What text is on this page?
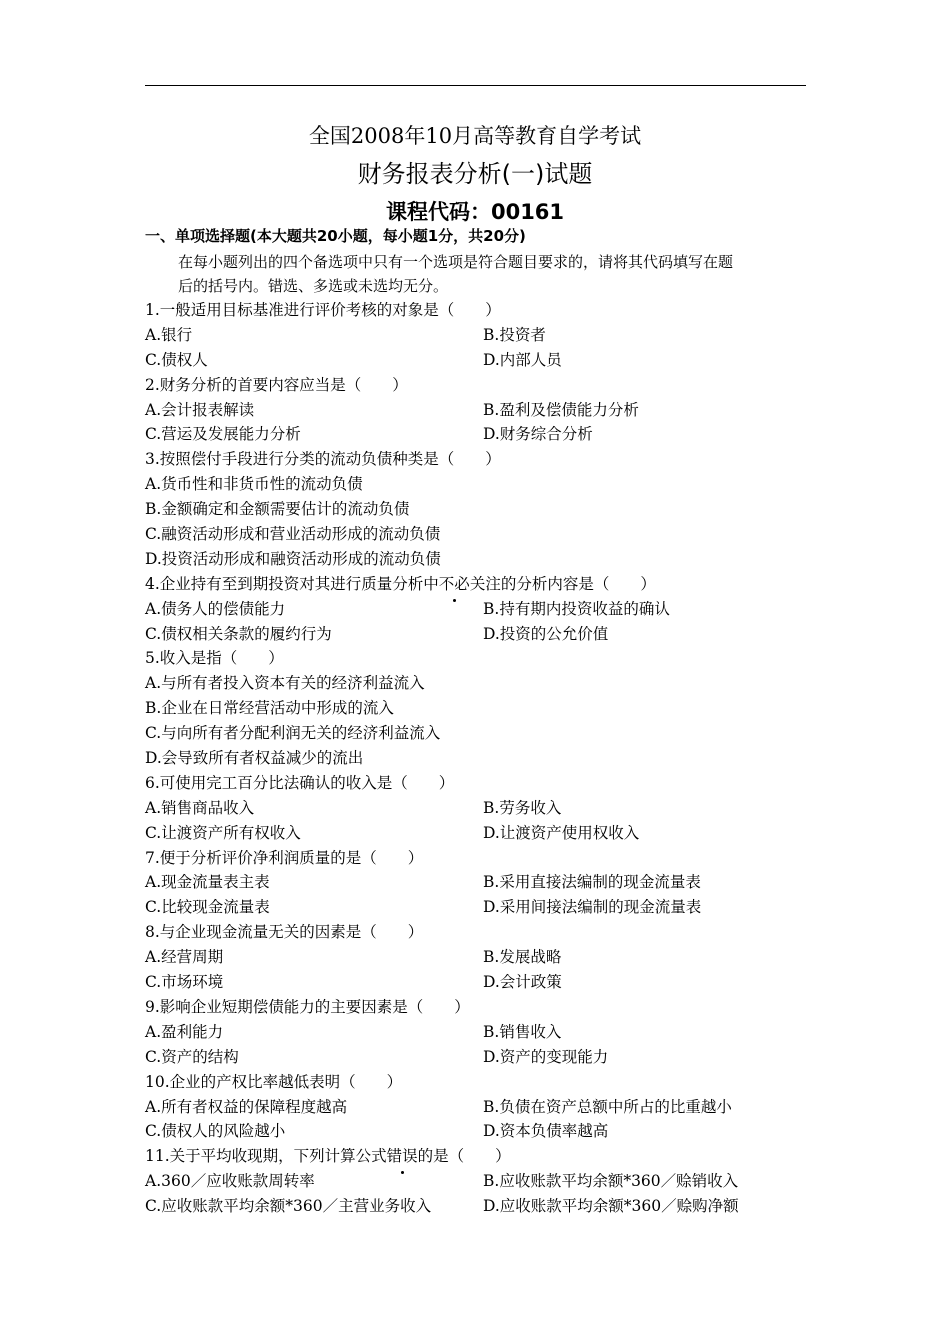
全国2008年10月高等教育自学考试
财务报表分析(一)试题
课程代码：00161
一、单项选择题(本大题共20小题，每小题1分，共20分)
在每小题列出的四个备选项中只有一个选项是符合题目要求的，请将其代码填写在题
后的括号内。错选、多选或未选均无分。
1.一般适用目标基准进行评价考核的对象是（　　）
A.银行	B.投资者
C.债权人	D.内部人员
2.财务分析的首要内容应当是（　　）
A.会计报表解读	B.盈利及偿债能力分析
C.营运及发展能力分析	D.财务综合分析
3.按照偿付手段进行分类的流动负债种类是（　　）
A.货币性和非货币性的流动负债
B.金额确定和金额需要估计的流动负债
C.融资活动形成和营业活动形成的流动负债
D.投资活动形成和融资活动形成的流动负债
4.企业持有至到期投资对其进行质量分析中不必关注的分析内容是（　　）
A.债务人的偿债能力	B.持有期内投资收益的确认
C.债权相关条款的履约行为	D.投资的公允价值
5.收入是指（　　）
A.与所有者投入资本有关的经济利益流入
B.企业在日常经营活动中形成的流入
C.与向所有者分配利润无关的经济利益流入
D.会导致所有者权益减少的流出
6.可使用完工百分比法确认的收入是（　　）
A.销售商品收入	B.劳务收入
C.让渡资产所有权收入	D.让渡资产使用权收入
7.便于分析评价净利润质量的是（　　）
A.现金流量表主表	B.采用直接法编制的现金流量表
C.比较现金流量表	D.采用间接法编制的现金流量表
8.与企业现金流量无关的因素是（　　）
A.经营周期	B.发展战略
C.市场环境	D.会计政策
9.影响企业短期偿债能力的主要因素是（　　）
A.盈利能力	B.销售收入
C.资产的结构	D.资产的变现能力
10.企业的产权比率越低表明（　　）
A.所有者权益的保障程度越高	B.负债在资产总额中所占的比重越小
C.债权人的风险越小	D.资本负债率越高
11.关于平均收现期，下列计算公式错误的是（　　）
A.360／应收账款周转率	B.应收账款平均余额*360／赊销收入
C.应收账款平均余额*360／主营业务收入	D.应收账款平均余额*360／赊购净额
